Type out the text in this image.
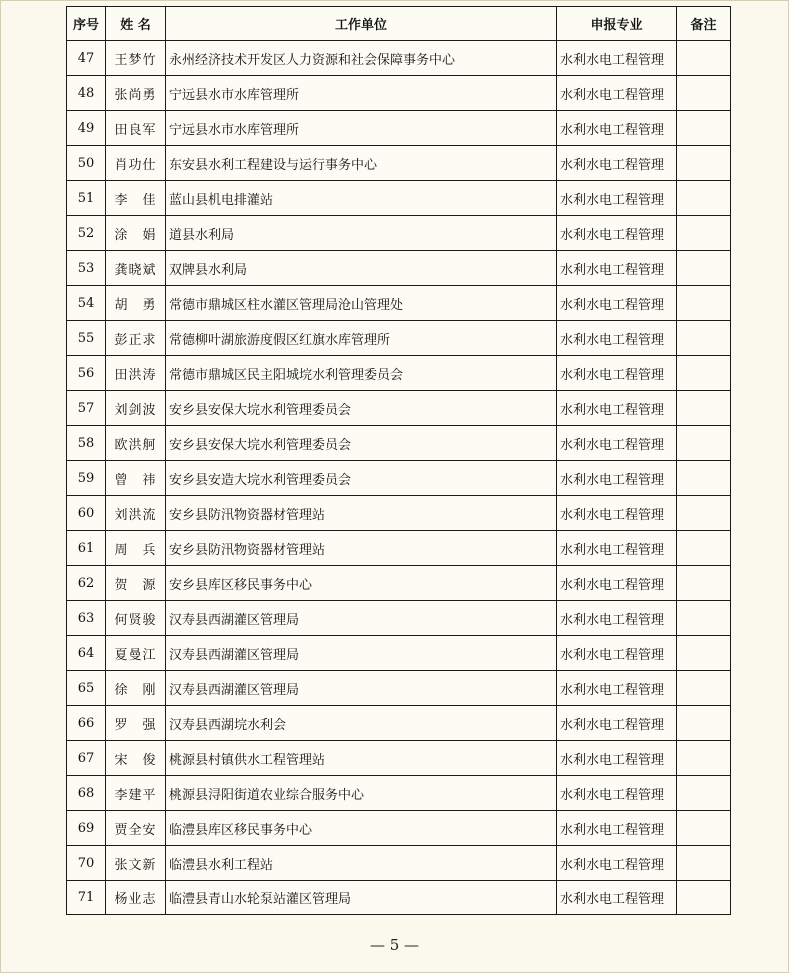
序号	姓 名	工作单位	申报专业	备注
47	王梦竹	永州经济技术开发区人力资源和社会保障事务中心	水利水电工程管理	
48	张尚勇	宁远县水市水库管理所	水利水电工程管理	
49	田良军	宁远县水市水库管理所	水利水电工程管理	
50	肖功仕	东安县水利工程建设与运行事务中心	水利水电工程管理	
51	李　佳	蓝山县机电排灌站	水利水电工程管理	
52	涂　娟	道县水利局	水利水电工程管理	
53	龚晓斌	双牌县水利局	水利水电工程管理	
54	胡　勇	常德市鼎城区柱水灌区管理局沧山管理处	水利水电工程管理	
55	彭正求	常德柳叶湖旅游度假区红旗水库管理所	水利水电工程管理	
56	田洪涛	常德市鼎城区民主阳城垸水利管理委员会	水利水电工程管理	
57	刘剑波	安乡县安保大垸水利管理委员会	水利水电工程管理	
58	欧洪舸	安乡县安保大垸水利管理委员会	水利水电工程管理	
59	曾　祎	安乡县安造大垸水利管理委员会	水利水电工程管理	
60	刘洪流	安乡县防汛物资器材管理站	水利水电工程管理	
61	周　兵	安乡县防汛物资器材管理站	水利水电工程管理	
62	贺　源	安乡县库区移民事务中心	水利水电工程管理	
63	何贤骏	汉寿县西湖灌区管理局	水利水电工程管理	
64	夏曼江	汉寿县西湖灌区管理局	水利水电工程管理	
65	徐　刚	汉寿县西湖灌区管理局	水利水电工程管理	
66	罗　强	汉寿县西湖垸水利会	水利水电工程管理	
67	宋　俊	桃源县村镇供水工程管理站	水利水电工程管理	
68	李建平	桃源县浔阳街道农业综合服务中心	水利水电工程管理	
69	贾全安	临澧县库区移民事务中心	水利水电工程管理	
70	张文新	临澧县水利工程站	水利水电工程管理	
71	杨业志	临澧县青山水轮泵站灌区管理局	水利水电工程管理	
— 5 —
